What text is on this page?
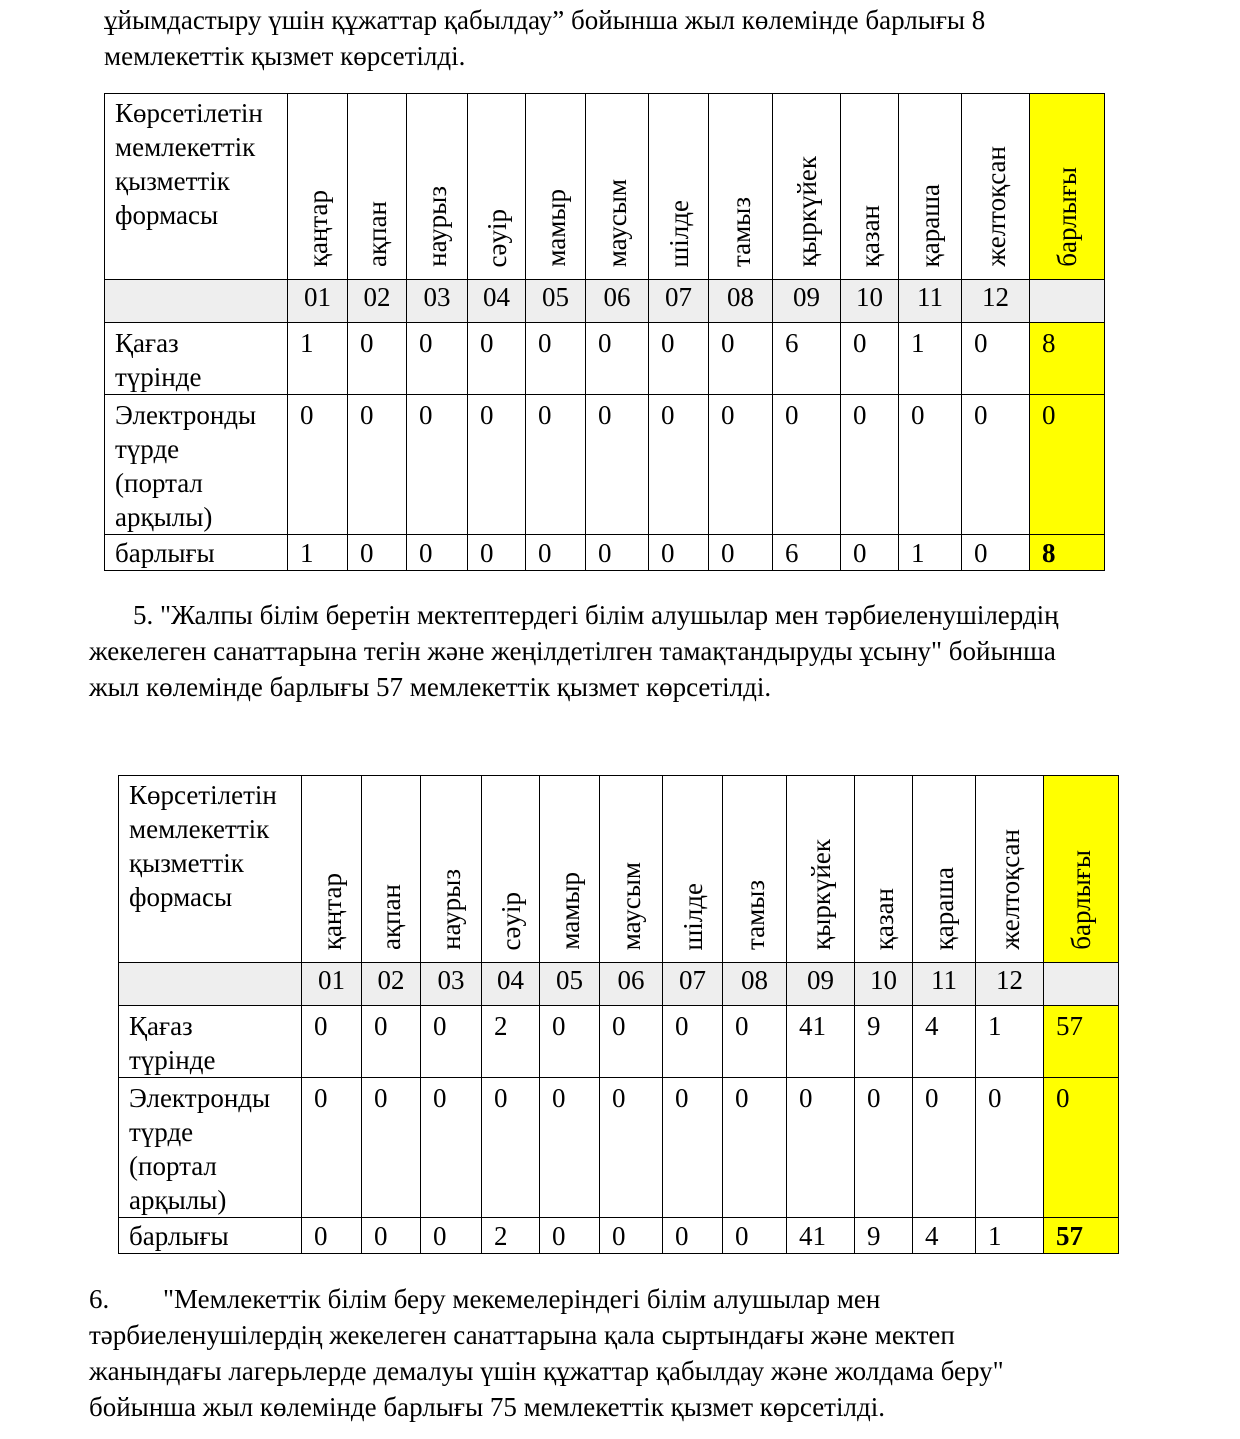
ұйымдастыру үшін құжаттар қабылдау” бойынша жыл көлемінде барлығы 8
мемлекеттік қызмет көрсетілді.
Көрсетілетін
мемлекеттік
қызметтік
формасы	қаңтар	ақпан	наурыз	сәуір	мамыр	маусым	шілде	тамыз	қыркүйек	қазан	қараша	желтоқсан	барлығы

	01	02	03	04	05	06	07	08	09	10	11	12	

Қағаз
түрінде	1	0	0	0	0	0	0	0	6	0	1	0	8

Электронды
түрде
(портал
арқылы)	0	0	0	0	0	0	0	0	0	0	0	0	0
барлығы	1	0	0	0	0	0	0	0	6	0	1	0	8
5. "Жалпы білім беретін мектептердегі білім алушылар мен тәрбиеленушілердің
жекелеген санаттарына тегін және жеңілдетілген тамақтандыруды ұсыну" бойынша
жыл көлемінде барлығы 57 мемлекеттік қызмет көрсетілді.
Көрсетілетін
мемлекеттік
қызметтік
формасы	қаңтар	ақпан	наурыз	сәуір	мамыр	маусым	шілде	тамыз	қыркүйек	қазан	қараша	желтоқсан	барлығы

	01	02	03	04	05	06	07	08	09	10	11	12	

Қағаз
түрінде	0	0	0	2	0	0	0	0	41	9	4	1	57

Электронды
түрде
(портал
арқылы)	0	0	0	0	0	0	0	0	0	0	0	0	0
барлығы	0	0	0	2	0	0	0	0	41	9	4	1	57
6. "Мемлекеттік білім беру мекемелеріндегі білім алушылар мен
тәрбиеленушілердің жекелеген санаттарына қала сыртындағы және мектеп
жанындағы лагерьлерде демалуы үшін құжаттар қабылдау және жолдама беру"
бойынша жыл көлемінде барлығы 75 мемлекеттік қызмет көрсетілді.
